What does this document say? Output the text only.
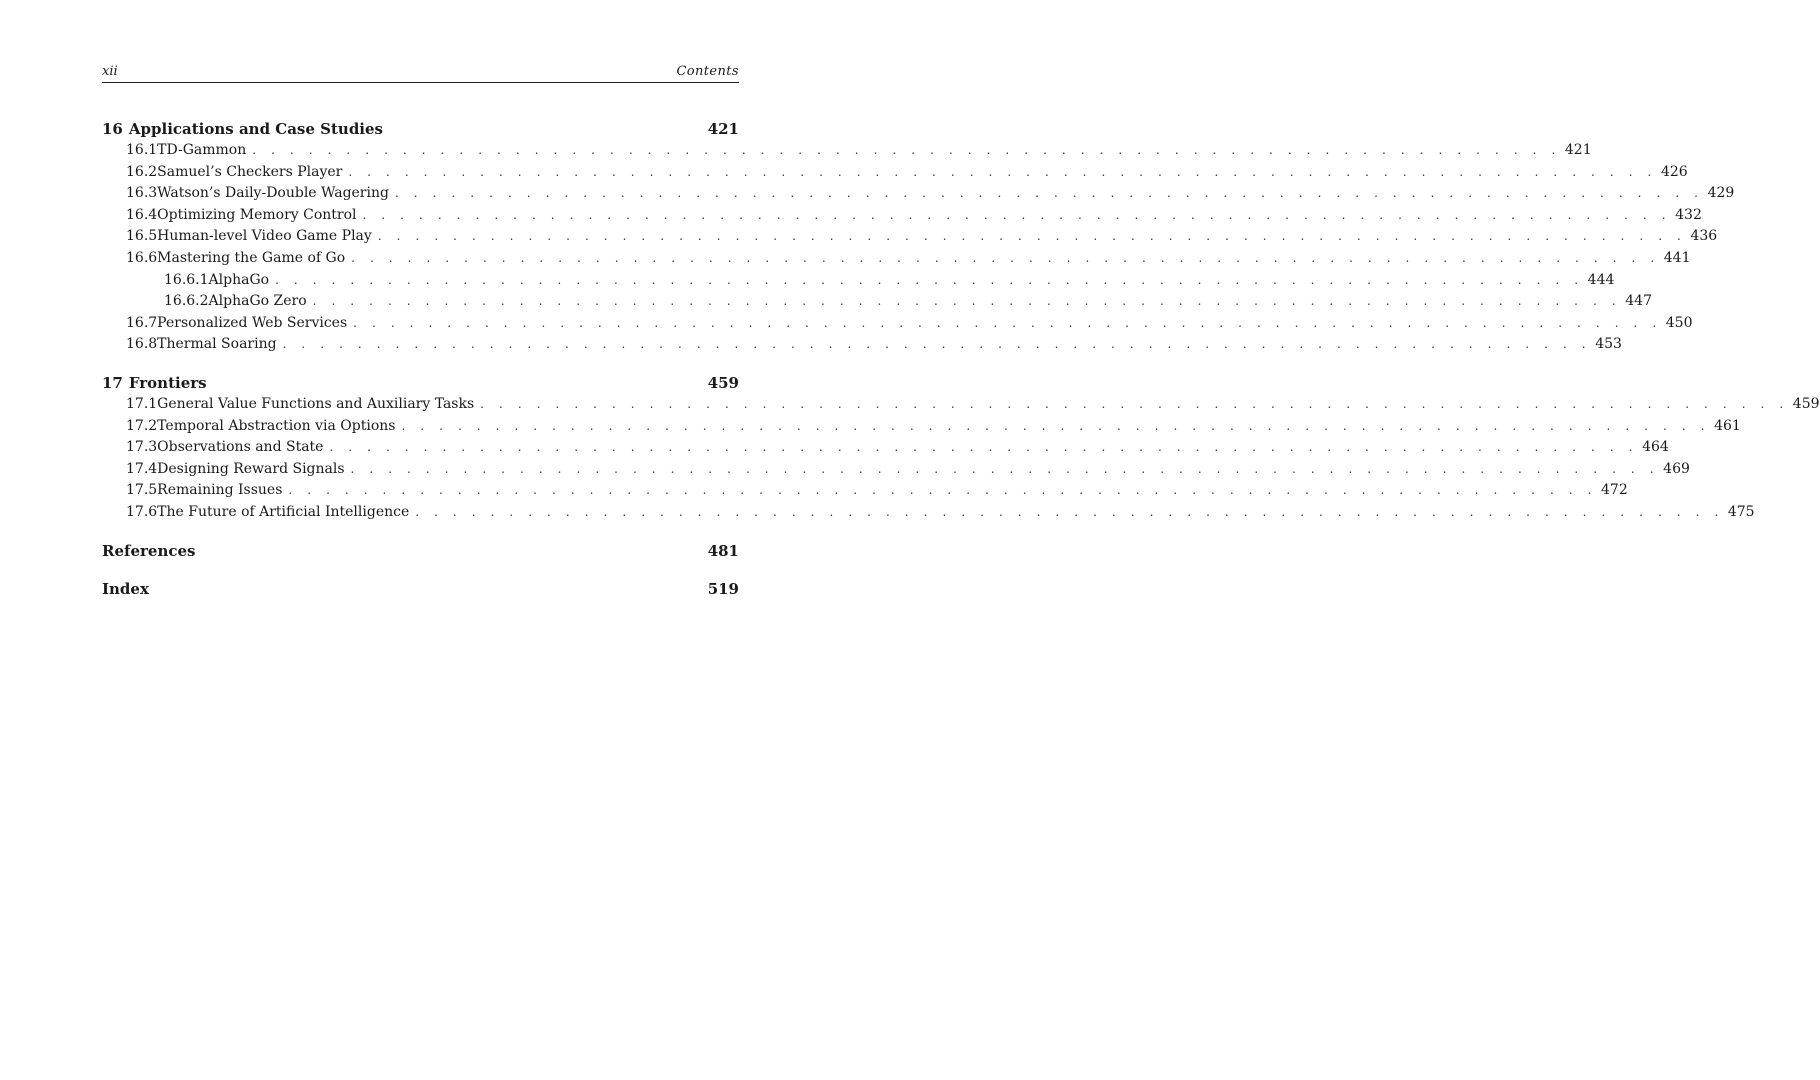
xii	Contents
16 Applications and Case Studies	421
16.1 TD-Gammon . . . . . . . . . . . . . . . . . . . . . . . . . . . . . . . . . . . . . . . . . . . . . . . . . . . . . . . . . . . . . . . . . . . . . . 421
16.2 Samuel’s Checkers Player . . . . . . . . . . . . . . . . . . . . . . . . . . . . . . . . . . . . . . . . . . . . . . . . . . . . . . . . . . . . . . . . . . . . . . 426
16.3 Watson’s Daily-Double Wagering . . . . . . . . . . . . . . . . . . . . . . . . . . . . . . . . . . . . . . . . . . . . . . . . . . . . . . . . . . . . . . . . . . . . . . 429
16.4 Optimizing Memory Control . . . . . . . . . . . . . . . . . . . . . . . . . . . . . . . . . . . . . . . . . . . . . . . . . . . . . . . . . . . . . . . . . . . . . . 432
16.5 Human-level Video Game Play . . . . . . . . . . . . . . . . . . . . . . . . . . . . . . . . . . . . . . . . . . . . . . . . . . . . . . . . . . . . . . . . . . . . . . 436
16.6 Mastering the Game of Go . . . . . . . . . . . . . . . . . . . . . . . . . . . . . . . . . . . . . . . . . . . . . . . . . . . . . . . . . . . . . . . . . . . . . . 441
16.6.1 AlphaGo . . . . . . . . . . . . . . . . . . . . . . . . . . . . . . . . . . . . . . . . . . . . . . . . . . . . . . . . . . . . . . . . . . . . . . 444
16.6.2 AlphaGo Zero . . . . . . . . . . . . . . . . . . . . . . . . . . . . . . . . . . . . . . . . . . . . . . . . . . . . . . . . . . . . . . . . . . . . . . 447
16.7 Personalized Web Services . . . . . . . . . . . . . . . . . . . . . . . . . . . . . . . . . . . . . . . . . . . . . . . . . . . . . . . . . . . . . . . . . . . . . . 450
16.8 Thermal Soaring . . . . . . . . . . . . . . . . . . . . . . . . . . . . . . . . . . . . . . . . . . . . . . . . . . . . . . . . . . . . . . . . . . . . . . 453
17 Frontiers	459
17.1 General Value Functions and Auxiliary Tasks . . . . . . . . . . . . . . . . . . . . . . . . . . . . . . . . . . . . . . . . . . . . . . . . . . . . . . . . . . . . . . . . . . . . . . 459
17.2 Temporal Abstraction via Options . . . . . . . . . . . . . . . . . . . . . . . . . . . . . . . . . . . . . . . . . . . . . . . . . . . . . . . . . . . . . . . . . . . . . . 461
17.3 Observations and State . . . . . . . . . . . . . . . . . . . . . . . . . . . . . . . . . . . . . . . . . . . . . . . . . . . . . . . . . . . . . . . . . . . . . . 464
17.4 Designing Reward Signals . . . . . . . . . . . . . . . . . . . . . . . . . . . . . . . . . . . . . . . . . . . . . . . . . . . . . . . . . . . . . . . . . . . . . . 469
17.5 Remaining Issues . . . . . . . . . . . . . . . . . . . . . . . . . . . . . . . . . . . . . . . . . . . . . . . . . . . . . . . . . . . . . . . . . . . . . . 472
17.6 The Future of Artificial Intelligence . . . . . . . . . . . . . . . . . . . . . . . . . . . . . . . . . . . . . . . . . . . . . . . . . . . . . . . . . . . . . . . . . . . . . . 475
References	481
Index	519
